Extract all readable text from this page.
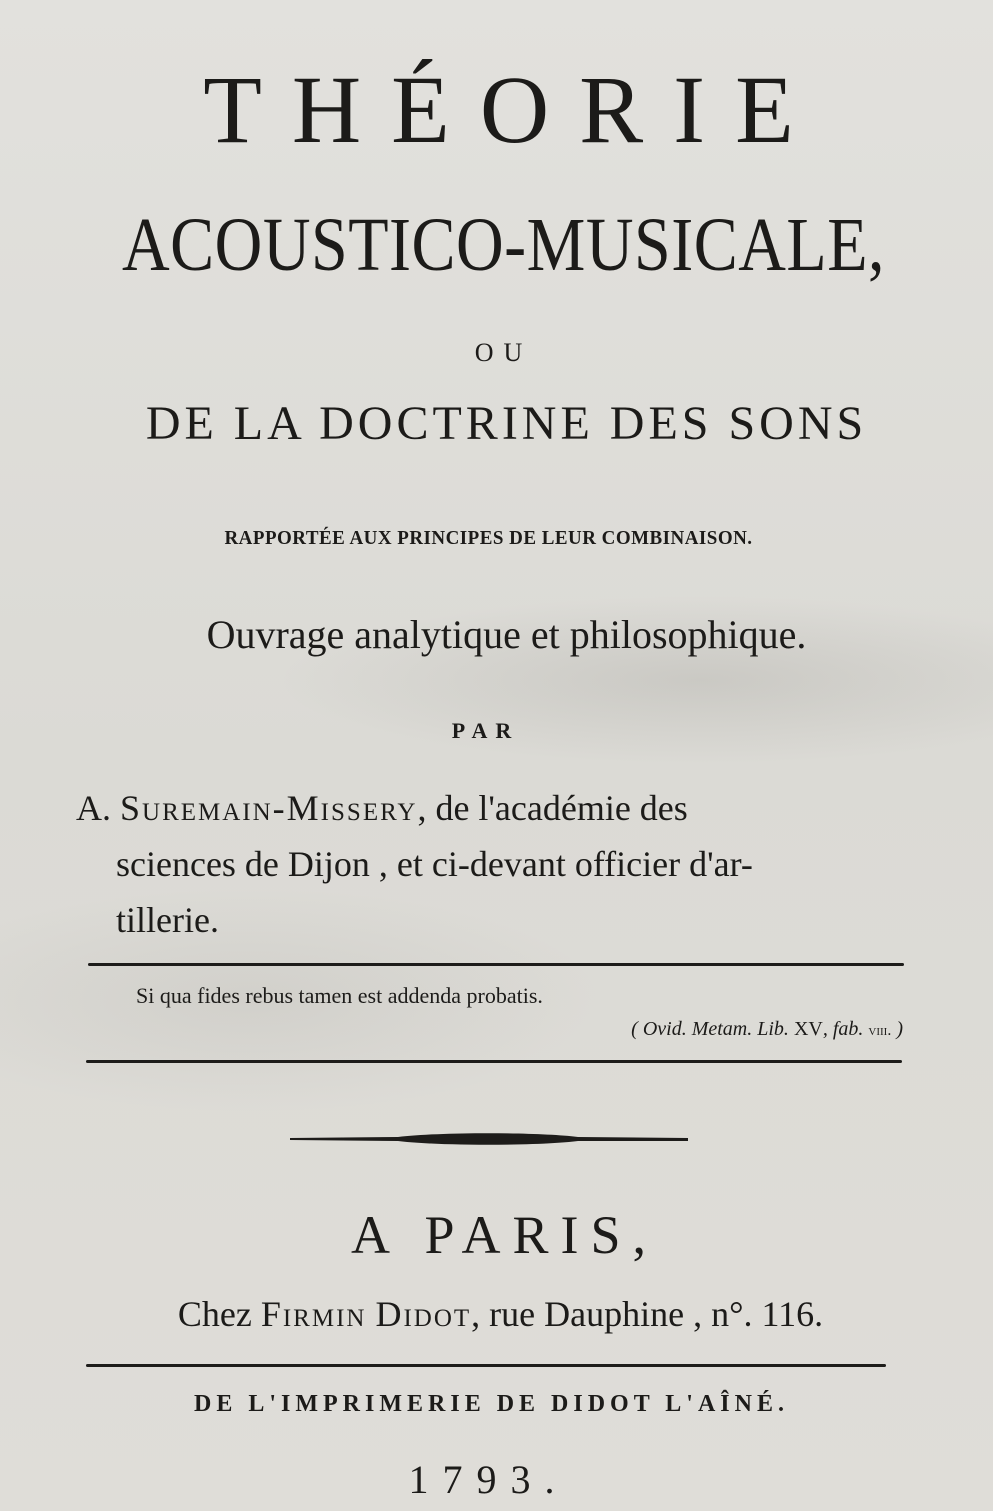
THÉORIE
ACOUSTICO-MUSICALE,
OU
DE LA DOCTRINE DES SONS
RAPPORTÉE AUX PRINCIPES DE LEUR COMBINAISON.
Ouvrage analytique et philosophique.
PAR
A. Suremain-Missery, de l'académie des
sciences de Dijon , et ci-devant officier d'ar-
tillerie.
Si qua fides rebus tamen est addenda probatis.
( Ovid. Metam. Lib. XV, fab. viii. )
A PARIS,
Chez Firmin Didot, rue Dauphine , n°. 116.
DE L'IMPRIMERIE DE DIDOT L'AÎNÉ.
1793.
